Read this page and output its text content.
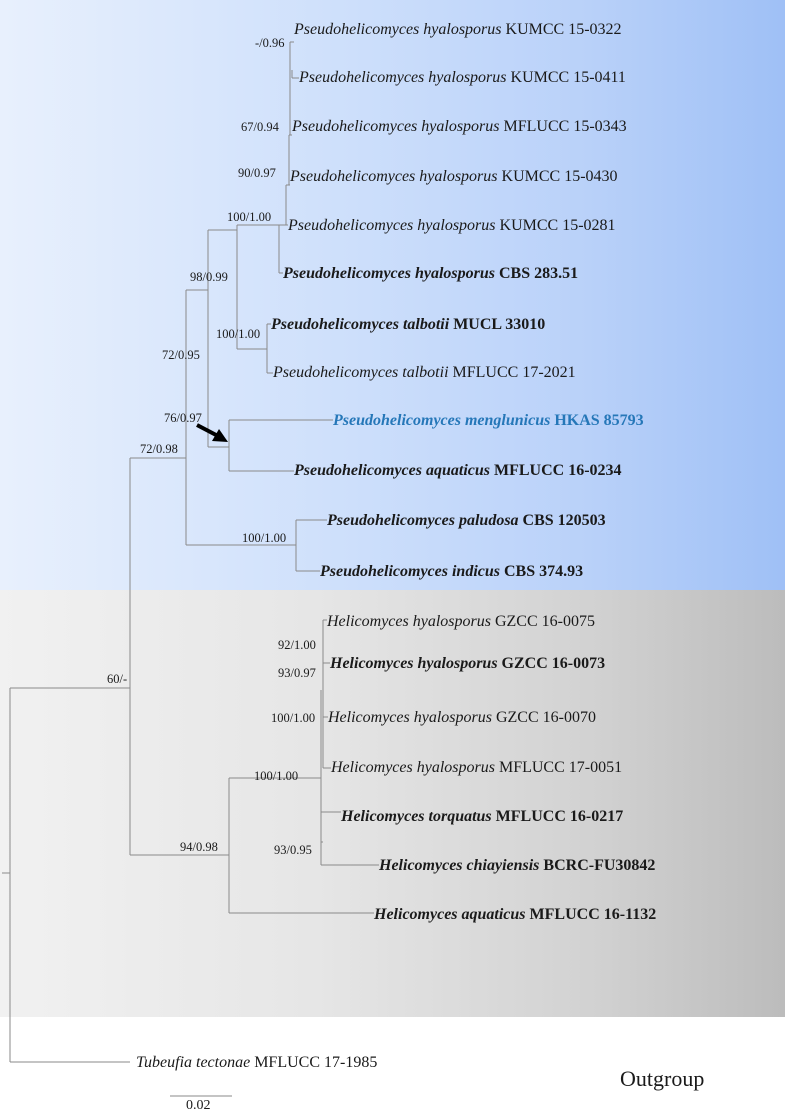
Pseudohelicomyces hyalosporus KUMCC 15-0322
Pseudohelicomyces hyalosporus KUMCC 15-0411
Pseudohelicomyces hyalosporus MFLUCC 15-0343
Pseudohelicomyces hyalosporus KUMCC 15-0430
Pseudohelicomyces hyalosporus KUMCC 15-0281
Pseudohelicomyces hyalosporus CBS 283.51
Pseudohelicomyces talbotii MUCL 33010
Pseudohelicomyces talbotii MFLUCC 17-2021
Pseudohelicomyces menglunicus HKAS 85793
Pseudohelicomyces aquaticus MFLUCC 16-0234
Pseudohelicomyces paludosa CBS 120503
Pseudohelicomyces indicus CBS 374.93
Helicomyces hyalosporus GZCC 16-0075
Helicomyces hyalosporus GZCC 16-0073
Helicomyces hyalosporus GZCC 16-0070
Helicomyces hyalosporus MFLUCC 17-0051
Helicomyces torquatus MFLUCC 16-0217
Helicomyces chiayiensis BCRC-FU30842
Helicomyces aquaticus MFLUCC 16-1132
Tubeufia tectonae MFLUCC 17-1985
-/0.96
67/0.94
90/0.97
100/1.00
98/0.99
100/1.00
72/0.95
76/0.97
72/0.98
100/1.00
92/1.00
93/0.97
100/1.00
100/1.00
93/0.95
94/0.98
60/-
Outgroup
0.02
